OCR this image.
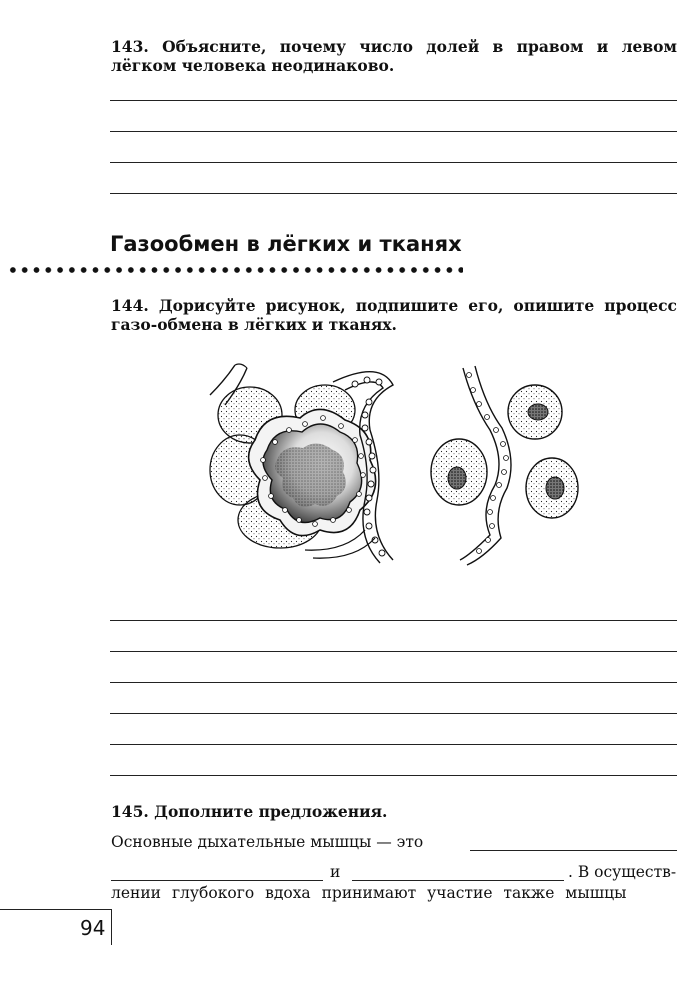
143. Объясните, почему число долей в правом и левом лёгком человека неодинаково.
Газообмен в лёгких и тканях
144. Дорисуйте рисунок, подпишите его, опишите процесс газо-обмена в лёгких и тканях.
145. Дополните предложения.
Основные дыхательные мышцы — это
и	. В осуществ-
лении глубокого вдоха принимают участие также мышцы
94
